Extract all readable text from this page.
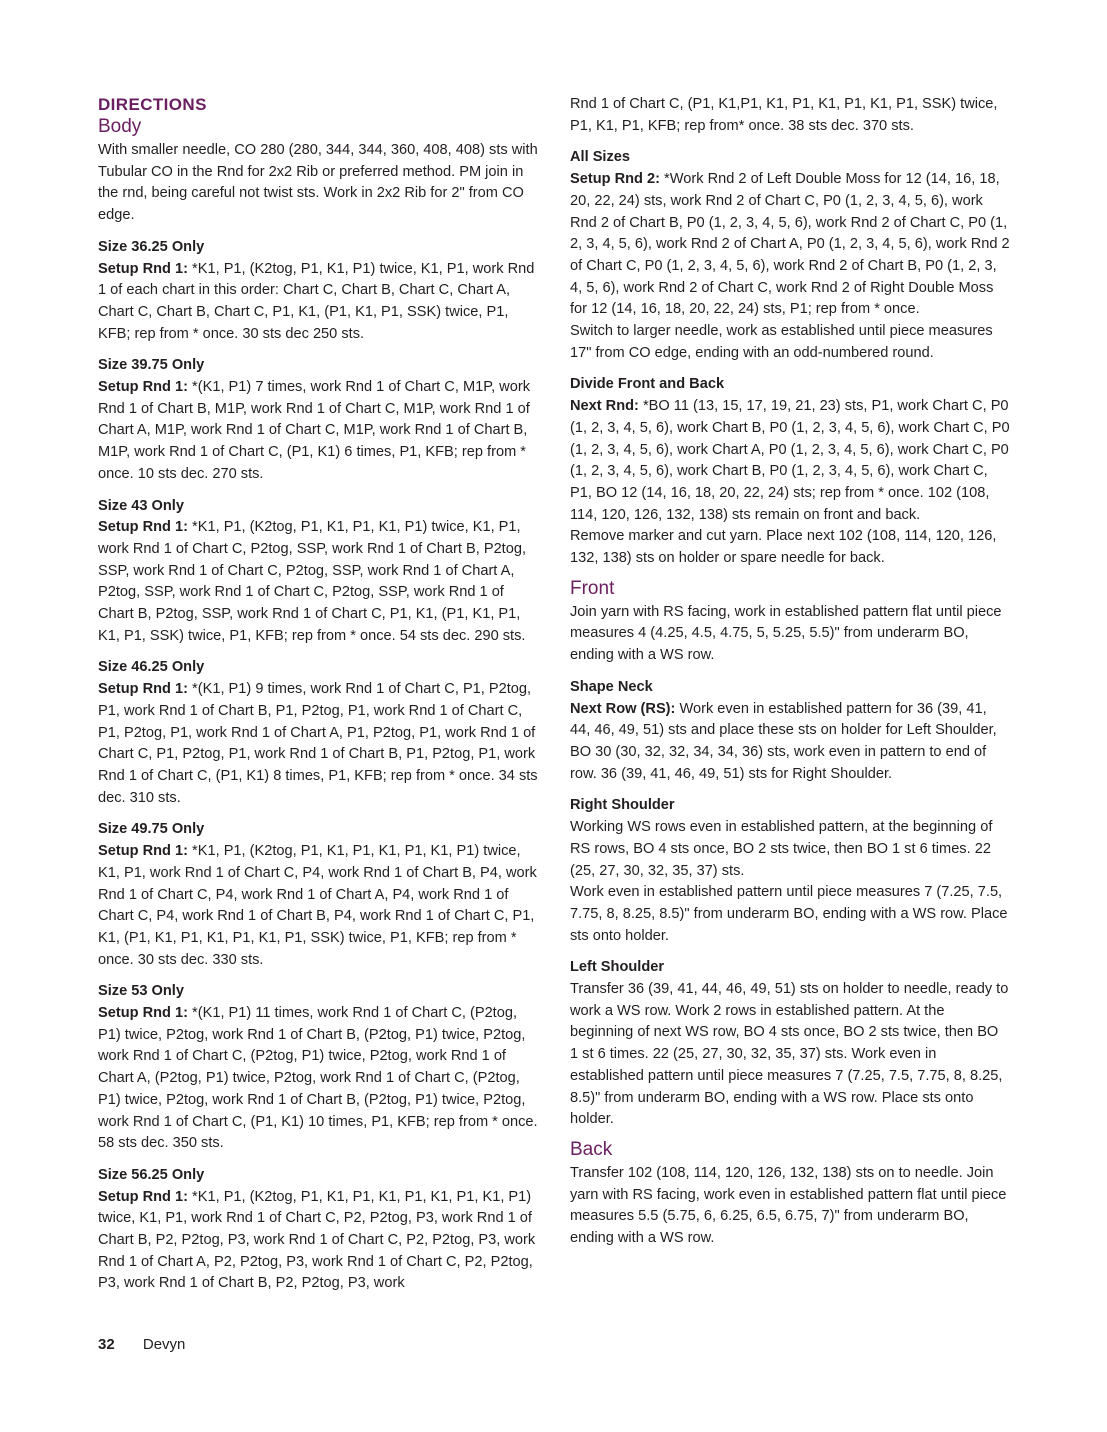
DIRECTIONS
Body
With smaller needle, CO 280 (280, 344, 344, 360, 408, 408) sts with Tubular CO in the Rnd for 2x2 Rib or preferred method. PM join in the rnd, being careful not twist sts. Work in 2x2 Rib for 2" from CO edge.
Size 36.25 Only
Setup Rnd 1: *K1, P1, (K2tog, P1, K1, P1) twice, K1, P1, work Rnd 1 of each chart in this order: Chart C, Chart B, Chart C, Chart A, Chart C, Chart B, Chart C, P1, K1, (P1, K1, P1, SSK) twice, P1, KFB; rep from * once. 30 sts dec 250 sts.
Size 39.75 Only
Setup Rnd 1: *(K1, P1) 7 times, work Rnd 1 of Chart C, M1P, work Rnd 1 of Chart B, M1P, work Rnd 1 of Chart C, M1P, work Rnd 1 of Chart A, M1P, work Rnd 1 of Chart C, M1P, work Rnd 1 of Chart B, M1P, work Rnd 1 of Chart C, (P1, K1) 6 times, P1, KFB; rep from * once. 10 sts dec. 270 sts.
Size 43 Only
Setup Rnd 1: *K1, P1, (K2tog, P1, K1, P1, K1, P1) twice, K1, P1, work Rnd 1 of Chart C, P2tog, SSP, work Rnd 1 of Chart B, P2tog, SSP, work Rnd 1 of Chart C, P2tog, SSP, work Rnd 1 of Chart A, P2tog, SSP, work Rnd 1 of Chart C, P2tog, SSP, work Rnd 1 of Chart B, P2tog, SSP, work Rnd 1 of Chart C, P1, K1, (P1, K1, P1, K1, P1, SSK) twice, P1, KFB; rep from * once. 54 sts dec. 290 sts.
Size 46.25 Only
Setup Rnd 1: *(K1, P1) 9 times, work Rnd 1 of Chart C, P1, P2tog, P1, work Rnd 1 of Chart B, P1, P2tog, P1, work Rnd 1 of Chart C, P1, P2tog, P1, work Rnd 1 of Chart A, P1, P2tog, P1, work Rnd 1 of Chart C, P1, P2tog, P1, work Rnd 1 of Chart B, P1, P2tog, P1, work Rnd 1 of Chart C, (P1, K1) 8 times, P1, KFB; rep from * once. 34 sts dec. 310 sts.
Size 49.75 Only
Setup Rnd 1: *K1, P1, (K2tog, P1, K1, P1, K1, P1, K1, P1) twice, K1, P1, work Rnd 1 of Chart C, P4, work Rnd 1 of Chart B, P4, work Rnd 1 of Chart C, P4, work Rnd 1 of Chart A, P4, work Rnd 1 of Chart C, P4, work Rnd 1 of Chart B, P4, work Rnd 1 of Chart C, P1, K1, (P1, K1, P1, K1, P1, K1, P1, SSK) twice, P1, KFB; rep from * once. 30 sts dec. 330 sts.
Size 53 Only
Setup Rnd 1: *(K1, P1) 11 times, work Rnd 1 of Chart C, (P2tog, P1) twice, P2tog, work Rnd 1 of Chart B, (P2tog, P1) twice, P2tog, work Rnd 1 of Chart C, (P2tog, P1) twice, P2tog, work Rnd 1 of Chart A, (P2tog, P1) twice, P2tog, work Rnd 1 of Chart C, (P2tog, P1) twice, P2tog, work Rnd 1 of Chart B, (P2tog, P1) twice, P2tog, work Rnd 1 of Chart C, (P1, K1) 10 times, P1, KFB; rep from * once. 58 sts dec. 350 sts.
Size 56.25 Only
Setup Rnd 1: *K1, P1, (K2tog, P1, K1, P1, K1, P1, K1, P1, K1, P1) twice, K1, P1, work Rnd 1 of Chart C, P2, P2tog, P3, work Rnd 1 of Chart B, P2, P2tog, P3, work Rnd 1 of Chart C, P2, P2tog, P3, work Rnd 1 of Chart A, P2, P2tog, P3, work Rnd 1 of Chart C, P2, P2tog, P3, work Rnd 1 of Chart B, P2, P2tog, P3, work
Rnd 1 of Chart C, (P1, K1,P1, K1, P1, K1, P1, K1, P1, SSK) twice, P1, K1, P1, KFB; rep from* once. 38 sts dec. 370 sts.
All Sizes
Setup Rnd 2: *Work Rnd 2 of Left Double Moss for 12 (14, 16, 18, 20, 22, 24) sts, work Rnd 2 of Chart C, P0 (1, 2, 3, 4, 5, 6), work Rnd 2 of Chart B, P0 (1, 2, 3, 4, 5, 6), work Rnd 2 of Chart C, P0 (1, 2, 3, 4, 5, 6), work Rnd 2 of Chart A, P0 (1, 2, 3, 4, 5, 6), work Rnd 2 of Chart C, P0 (1, 2, 3, 4, 5, 6), work Rnd 2 of Chart B, P0 (1, 2, 3, 4, 5, 6), work Rnd 2 of Chart C, work Rnd 2 of Right Double Moss for 12 (14, 16, 18, 20, 22, 24) sts, P1; rep from * once.
Switch to larger needle, work as established until piece measures 17" from CO edge, ending with an odd-numbered round.
Divide Front and Back
Next Rnd: *BO 11 (13, 15, 17, 19, 21, 23) sts, P1, work Chart C, P0 (1, 2, 3, 4, 5, 6), work Chart B, P0 (1, 2, 3, 4, 5, 6), work Chart C, P0 (1, 2, 3, 4, 5, 6), work Chart A, P0 (1, 2, 3, 4, 5, 6), work Chart C, P0 (1, 2, 3, 4, 5, 6), work Chart B, P0 (1, 2, 3, 4, 5, 6), work Chart C, P1, BO 12 (14, 16, 18, 20, 22, 24) sts; rep from * once. 102 (108, 114, 120, 126, 132, 138) sts remain on front and back.
Remove marker and cut yarn. Place next 102 (108, 114, 120, 126, 132, 138) sts on holder or spare needle for back.
Front
Join yarn with RS facing, work in established pattern flat until piece measures 4 (4.25, 4.5, 4.75, 5, 5.25, 5.5)" from underarm BO, ending with a WS row.
Shape Neck
Next Row (RS): Work even in established pattern for 36 (39, 41, 44, 46, 49, 51) sts and place these sts on holder for Left Shoulder, BO 30 (30, 32, 32, 34, 34, 36) sts, work even in pattern to end of row. 36 (39, 41, 46, 49, 51) sts for Right Shoulder.
Right Shoulder
Working WS rows even in established pattern, at the beginning of RS rows, BO 4 sts once, BO 2 sts twice, then BO 1 st 6 times. 22 (25, 27, 30, 32, 35, 37) sts.
Work even in established pattern until piece measures 7 (7.25, 7.5, 7.75, 8, 8.25, 8.5)" from underarm BO, ending with a WS row. Place sts onto holder.
Left Shoulder
Transfer 36 (39, 41, 44, 46, 49, 51) sts on holder to needle, ready to work a WS row. Work 2 rows in established pattern. At the beginning of next WS row, BO 4 sts once, BO 2 sts twice, then BO 1 st 6 times. 22 (25, 27, 30, 32, 35, 37) sts. Work even in established pattern until piece measures 7 (7.25, 7.5, 7.75, 8, 8.25, 8.5)" from underarm BO, ending with a WS row. Place sts onto holder.
Back
Transfer 102 (108, 114, 120, 126, 132, 138) sts on to needle. Join yarn with RS facing, work even in established pattern flat until piece measures 5.5 (5.75, 6, 6.25, 6.5, 6.75, 7)" from underarm BO, ending with a WS row.
32 Devyn
